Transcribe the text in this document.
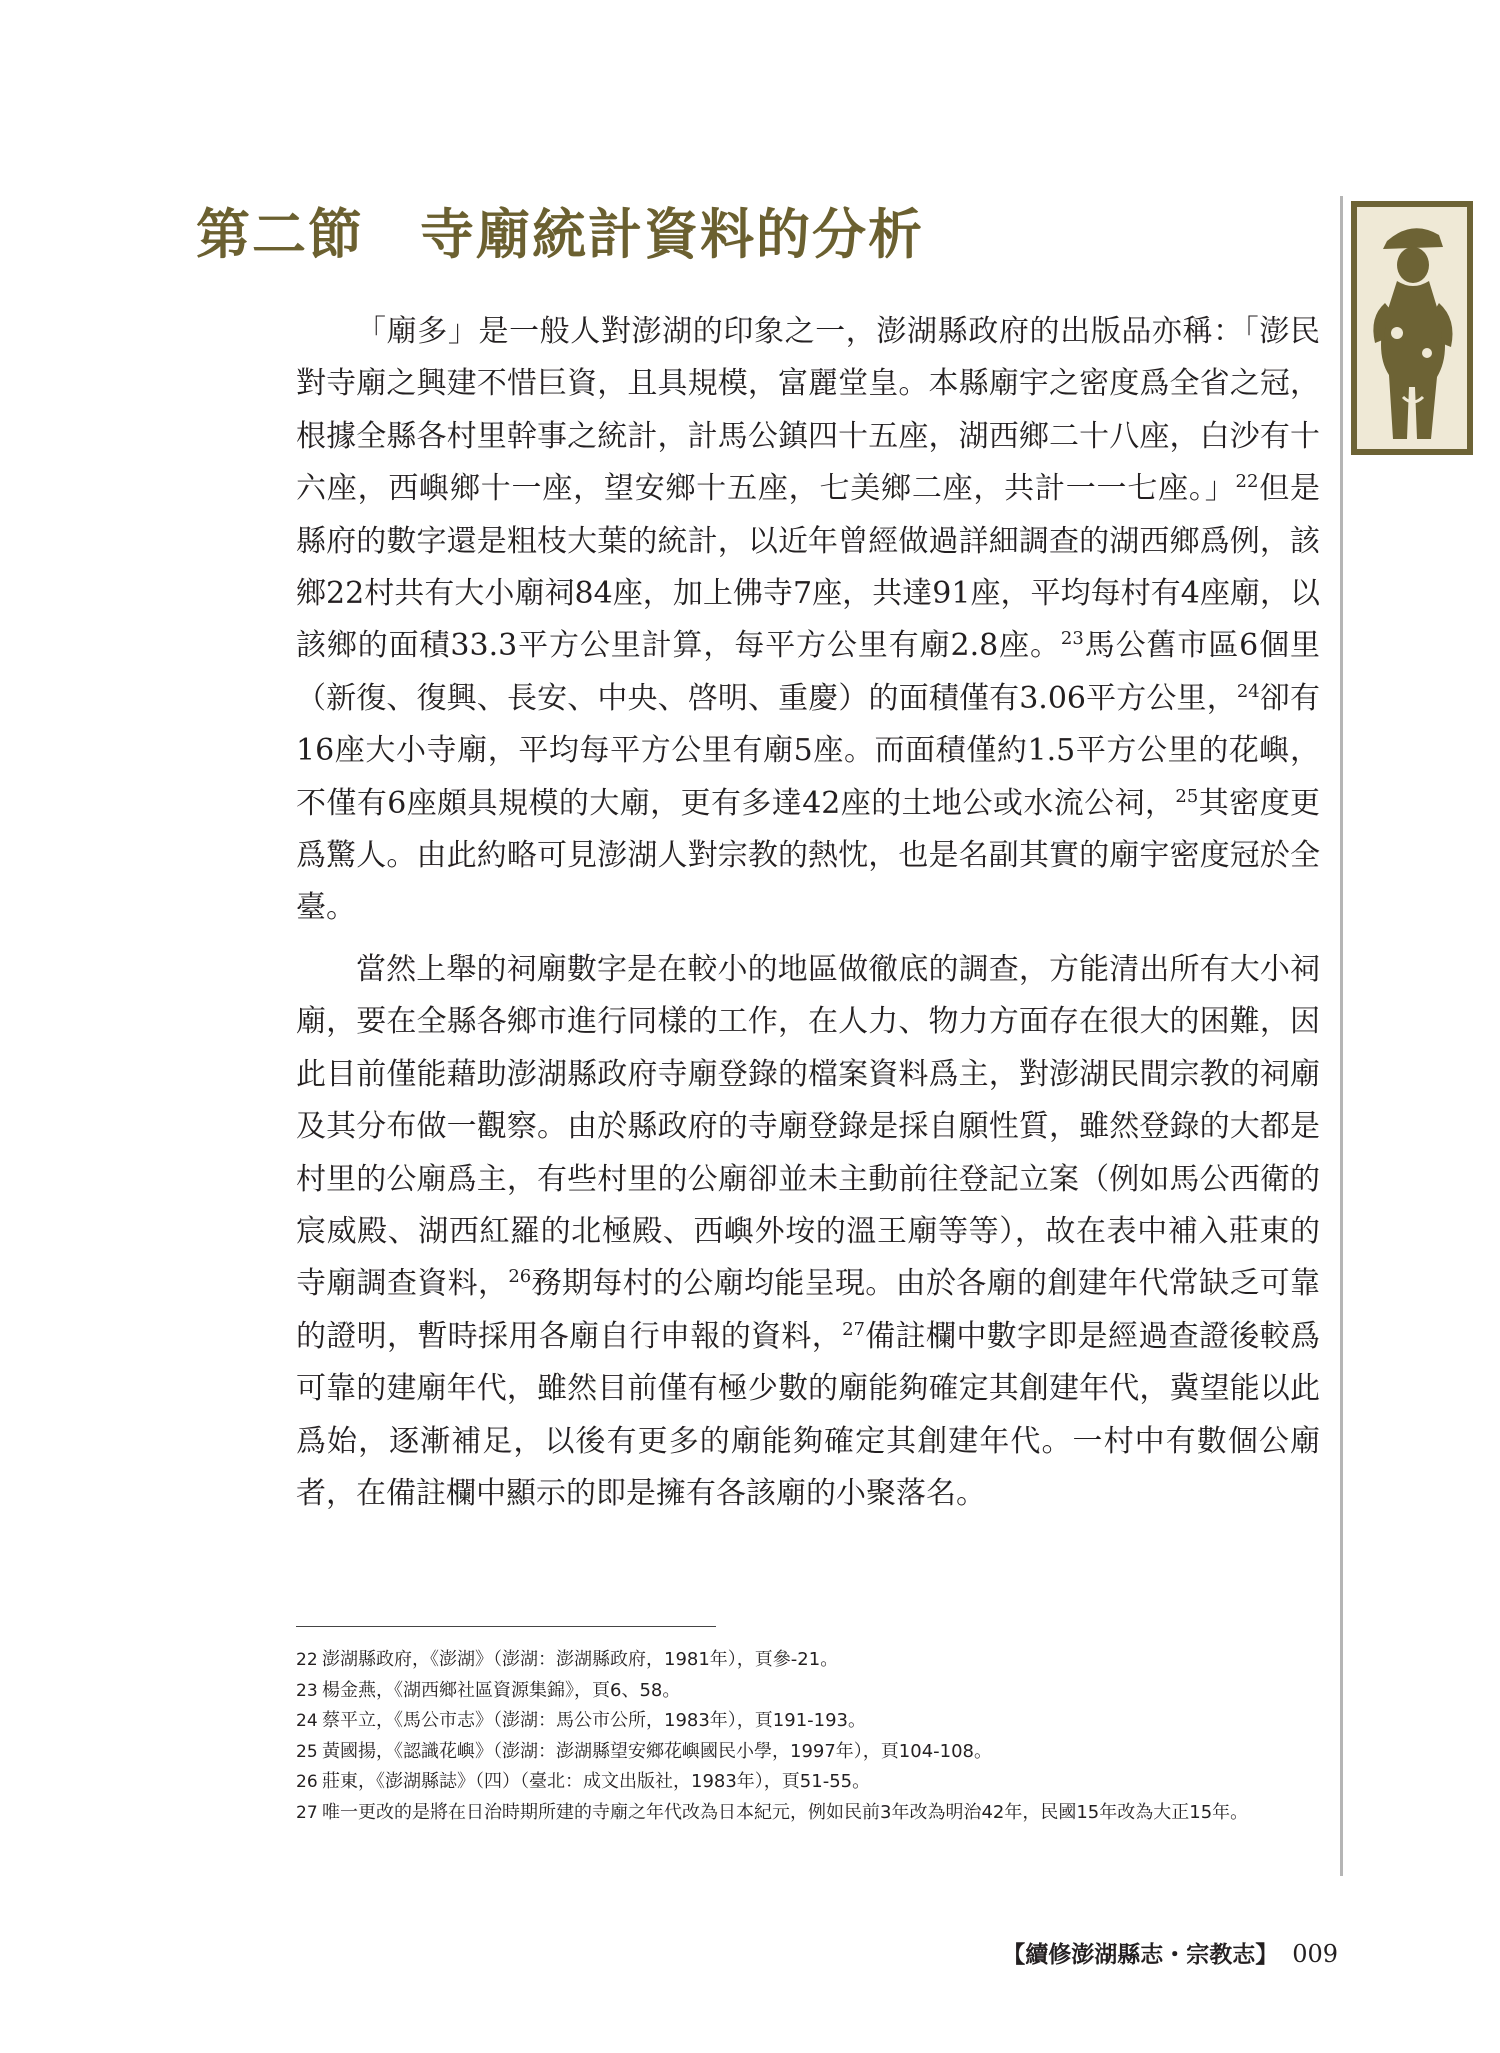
第二節 寺廟統計資料的分析

「廟多」是一般人對澎湖的印象之一，澎湖縣政府的出版品亦稱：「澎民對寺廟之興建不惜巨資，且具規模，富麗堂皇。本縣廟宇之密度爲全省之冠，根據全縣各村里幹事之統計，計馬公鎮四十五座，湖西鄉二十八座，白沙有十六座，西嶼鄉十一座，望安鄉十五座，七美鄉二座，共計一一七座。」$^{22}$但是縣府的數字還是粗枝大葉的統計，以近年曾經做過詳細調查的湖西鄉爲例，該鄉22村共有大小廟祠84座，加上佛寺7座，共達91座，平均每村有4座廟，以該鄉的面積33.3平方公里計算，每平方公里有廟2.8座。$^{23}$馬公舊市區6個里（新復、復興、長安、中央、啓明、重慶）的面積僅有3.06平方公里，$^{24}$卻有16座大小寺廟，平均每平方公里有廟5座。而面積僅約1.5平方公里的花嶼，不僅有6座頗具規模的大廟，更有多達42座的土地公或水流公祠，$^{25}$其密度更爲驚人。由此約略可見澎湖人對宗教的熱忱，也是名副其實的廟宇密度冠於全臺。

當然上舉的祠廟數字是在較小的地區做徹底的調查，方能清出所有大小祠廟，要在全縣各鄉市進行同樣的工作，在人力、物力方面存在很大的困難，因此目前僅能藉助澎湖縣政府寺廟登錄的檔案資料爲主，對澎湖民間宗教的祠廟及其分布做一觀察。由於縣政府的寺廟登錄是採自願性質，雖然登錄的大都是村里的公廟爲主，有些村里的公廟卻並未主動前往登記立案（例如馬公西衛的宸威殿、湖西紅羅的北極殿、西嶼外垵的溫王廟等等），故在表中補入莊東的寺廟調查資料，$^{26}$務期每村的公廟均能呈現。由於各廟的創建年代常缺乏可靠的證明，暫時採用各廟自行申報的資料，$^{27}$備註欄中數字即是經過查證後較爲可靠的建廟年代，雖然目前僅有極少數的廟能夠確定其創建年代，冀望能以此爲始，逐漸補足，以後有更多的廟能夠確定其創建年代。一村中有數個公廟者，在備註欄中顯示的即是擁有各該廟的小聚落名。

22 澎湖縣政府，《澎湖》（澎湖：澎湖縣政府，1981年），頁參-21。
23 楊金燕，《湖西鄉社區資源集錦》，頁6、58。
24 蔡平立，《馬公市志》（澎湖：馬公市公所，1983年），頁191-193。
25 黃國揚，《認識花嶼》（澎湖：澎湖縣望安鄉花嶼國民小學，1997年），頁104-108。
26 莊東，《澎湖縣誌》（四）（臺北：成文出版社，1983年），頁51-55。
27 唯一更改的是將在日治時期所建的寺廟之年代改為日本紀元，例如民前3年改為明治42年，民國15年改為大正15年。
【續修澎湖縣志・宗教志】 009
